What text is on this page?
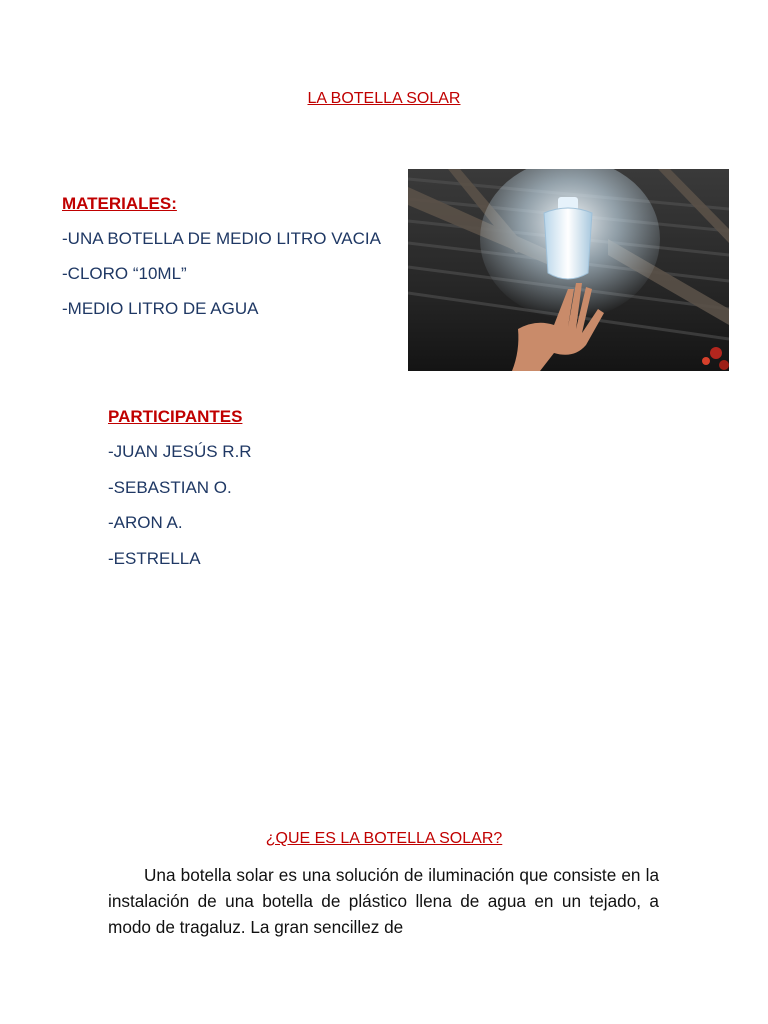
LA BOTELLA SOLAR
MATERIALES:
-UNA BOTELLA DE MEDIO LITRO VACIA
-CLORO “10ML”
-MEDIO LITRO DE AGUA
PARTICIPANTES
-JUAN JESÚS R.R
-SEBASTIAN O.
-ARON A.
-ESTRELLA
¿QUE ES LA BOTELLA SOLAR?
Una botella solar es una solución de iluminación que consiste en la instalación de una botella de plástico llena de agua en un tejado, a modo de tragaluz. La gran sencillez de
